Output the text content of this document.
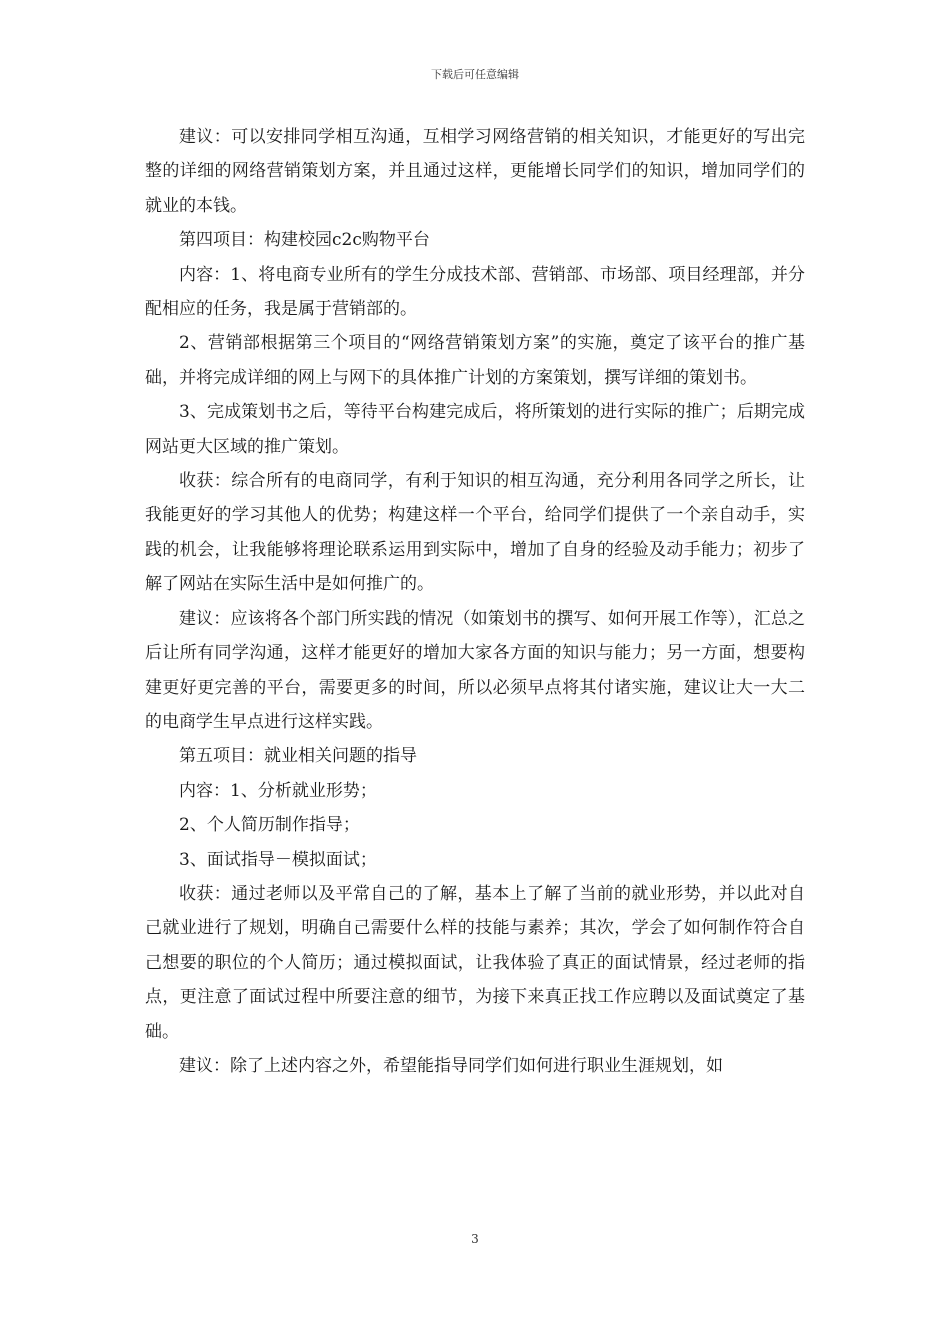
下载后可任意编辑

建议：可以安排同学相互沟通，互相学习网络营销的相关知识，才能更好的写出完整的详细的网络营销策划方案，并且通过这样，更能增长同学们的知识，增加同学们的就业的本钱。

第四项目：构建校园c2c购物平台

内容：1、将电商专业所有的学生分成技术部、营销部、市场部、项目经理部，并分配相应的任务，我是属于营销部的。

2、营销部根据第三个项目的“网络营销策划方案”的实施，奠定了该平台的推广基础，并将完成详细的网上与网下的具体推广计划的方案策划，撰写详细的策划书。

3、完成策划书之后，等待平台构建完成后，将所策划的进行实际的推广；后期完成网站更大区域的推广策划。

收获：综合所有的电商同学，有利于知识的相互沟通，充分利用各同学之所长，让我能更好的学习其他人的优势；构建这样一个平台，给同学们提供了一个亲自动手，实践的机会，让我能够将理论联系运用到实际中，增加了自身的经验及动手能力；初步了解了网站在实际生活中是如何推广的。

建议：应该将各个部门所实践的情况（如策划书的撰写、如何开展工作等），汇总之后让所有同学沟通，这样才能更好的增加大家各方面的知识与能力；另一方面，想要构建更好更完善的平台，需要更多的时间，所以必须早点将其付诸实施，建议让大一大二的电商学生早点进行这样实践。

第五项目：就业相关问题的指导

内容：1、分析就业形势；

2、个人简历制作指导；

3、面试指导－模拟面试；

收获：通过老师以及平常自己的了解，基本上了解了当前的就业形势，并以此对自己就业进行了规划，明确自己需要什么样的技能与素养；其次，学会了如何制作符合自己想要的职位的个人简历；通过模拟面试，让我体验了真正的面试情景，经过老师的指点，更注意了面试过程中所要注意的细节，为接下来真正找工作应聘以及面试奠定了基础。

建议：除了上述内容之外，希望能指导同学们如何进行职业生涯规划，如

3
